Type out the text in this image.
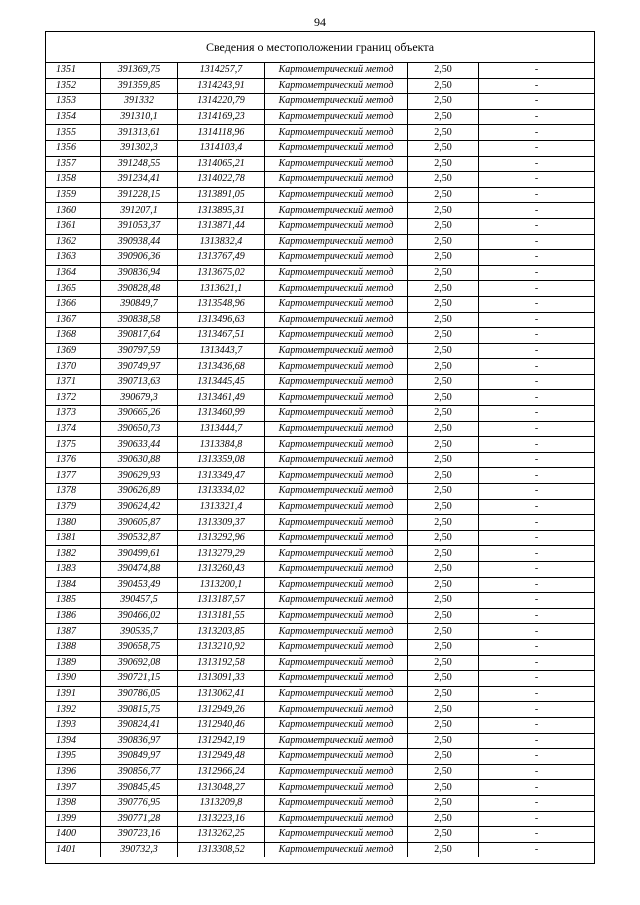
94
Сведения о местоположении границ объекта
1351	391369,75	1314257,7	Картометрический метод	2,50	-
1352	391359,85	1314243,91	Картометрический метод	2,50	-
1353	391332	1314220,79	Картометрический метод	2,50	-
1354	391310,1	1314169,23	Картометрический метод	2,50	-
1355	391313,61	1314118,96	Картометрический метод	2,50	-
1356	391302,3	1314103,4	Картометрический метод	2,50	-
1357	391248,55	1314065,21	Картометрический метод	2,50	-
1358	391234,41	1314022,78	Картометрический метод	2,50	-
1359	391228,15	1313891,05	Картометрический метод	2,50	-
1360	391207,1	1313895,31	Картометрический метод	2,50	-
1361	391053,37	1313871,44	Картометрический метод	2,50	-
1362	390938,44	1313832,4	Картометрический метод	2,50	-
1363	390906,36	1313767,49	Картометрический метод	2,50	-
1364	390836,94	1313675,02	Картометрический метод	2,50	-
1365	390828,48	1313621,1	Картометрический метод	2,50	-
1366	390849,7	1313548,96	Картометрический метод	2,50	-
1367	390838,58	1313496,63	Картометрический метод	2,50	-
1368	390817,64	1313467,51	Картометрический метод	2,50	-
1369	390797,59	1313443,7	Картометрический метод	2,50	-
1370	390749,97	1313436,68	Картометрический метод	2,50	-
1371	390713,63	1313445,45	Картометрический метод	2,50	-
1372	390679,3	1313461,49	Картометрический метод	2,50	-
1373	390665,26	1313460,99	Картометрический метод	2,50	-
1374	390650,73	1313444,7	Картометрический метод	2,50	-
1375	390633,44	1313384,8	Картометрический метод	2,50	-
1376	390630,88	1313359,08	Картометрический метод	2,50	-
1377	390629,93	1313349,47	Картометрический метод	2,50	-
1378	390626,89	1313334,02	Картометрический метод	2,50	-
1379	390624,42	1313321,4	Картометрический метод	2,50	-
1380	390605,87	1313309,37	Картометрический метод	2,50	-
1381	390532,87	1313292,96	Картометрический метод	2,50	-
1382	390499,61	1313279,29	Картометрический метод	2,50	-
1383	390474,88	1313260,43	Картометрический метод	2,50	-
1384	390453,49	1313200,1	Картометрический метод	2,50	-
1385	390457,5	1313187,57	Картометрический метод	2,50	-
1386	390466,02	1313181,55	Картометрический метод	2,50	-
1387	390535,7	1313203,85	Картометрический метод	2,50	-
1388	390658,75	1313210,92	Картометрический метод	2,50	-
1389	390692,08	1313192,58	Картометрический метод	2,50	-
1390	390721,15	1313091,33	Картометрический метод	2,50	-
1391	390786,05	1313062,41	Картометрический метод	2,50	-
1392	390815,75	1312949,26	Картометрический метод	2,50	-
1393	390824,41	1312940,46	Картометрический метод	2,50	-
1394	390836,97	1312942,19	Картометрический метод	2,50	-
1395	390849,97	1312949,48	Картометрический метод	2,50	-
1396	390856,77	1312966,24	Картометрический метод	2,50	-
1397	390845,45	1313048,27	Картометрический метод	2,50	-
1398	390776,95	1313209,8	Картометрический метод	2,50	-
1399	390771,28	1313223,16	Картометрический метод	2,50	-
1400	390723,16	1313262,25	Картометрический метод	2,50	-
1401	390732,3	1313308,52	Картометрический метод	2,50	-
